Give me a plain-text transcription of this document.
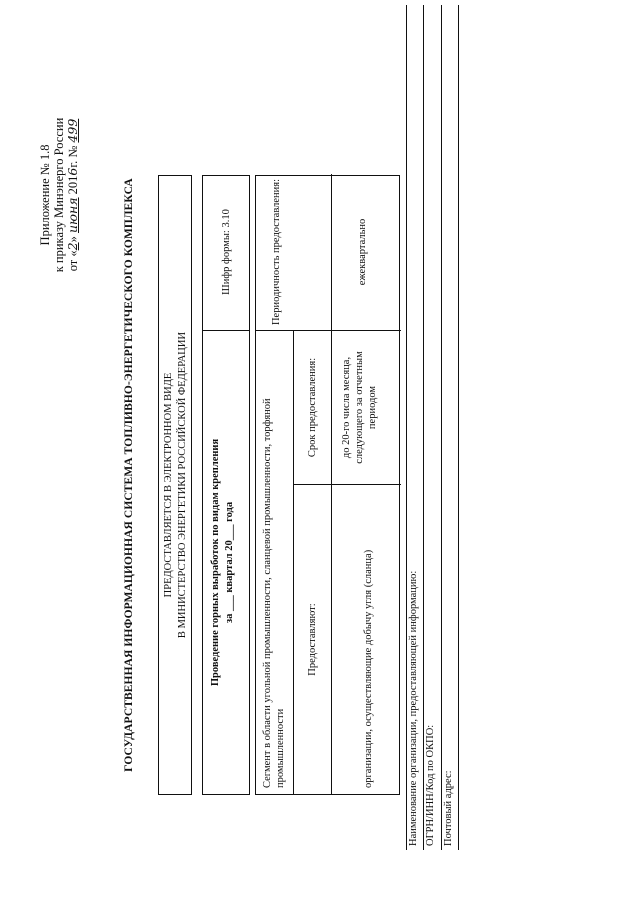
Приложение № 1.8 к приказу Минэнерго России от «2» июня 2016г. № 499
ГОСУДАРСТВЕННАЯ ИНФОРМАЦИОННАЯ СИСТЕМА ТОПЛИВНО-ЭНЕРГЕТИЧЕСКОГО КОМПЛЕКСА	ПРЕДОСТАВЛЯЕТСЯ В ЭЛЕКТРОННОМ ВИДЕ В МИНИСТЕРСТВО ЭНЕРГЕТИКИ РОССИЙСКОЙ ФЕДЕРАЦИИ Проведение горных выработок по видам крепления за ___ квартал 20___ года
Шифр формы: 3.10
Сегмент в области угольной промышленности, сланцевой промышленности, торфяной промышленности
Предоставляют:
Срок предоставления:
Периодичность предоставления:
организации, осуществляющие добычу угля (сланца)
до 20-го числа месяца, следующего за отчетным периодом
ежеквартально
Наименование организации, предоставляющей информацию: ОГРН/ИНН/Код по ОКПО: Почтовый адрес:
